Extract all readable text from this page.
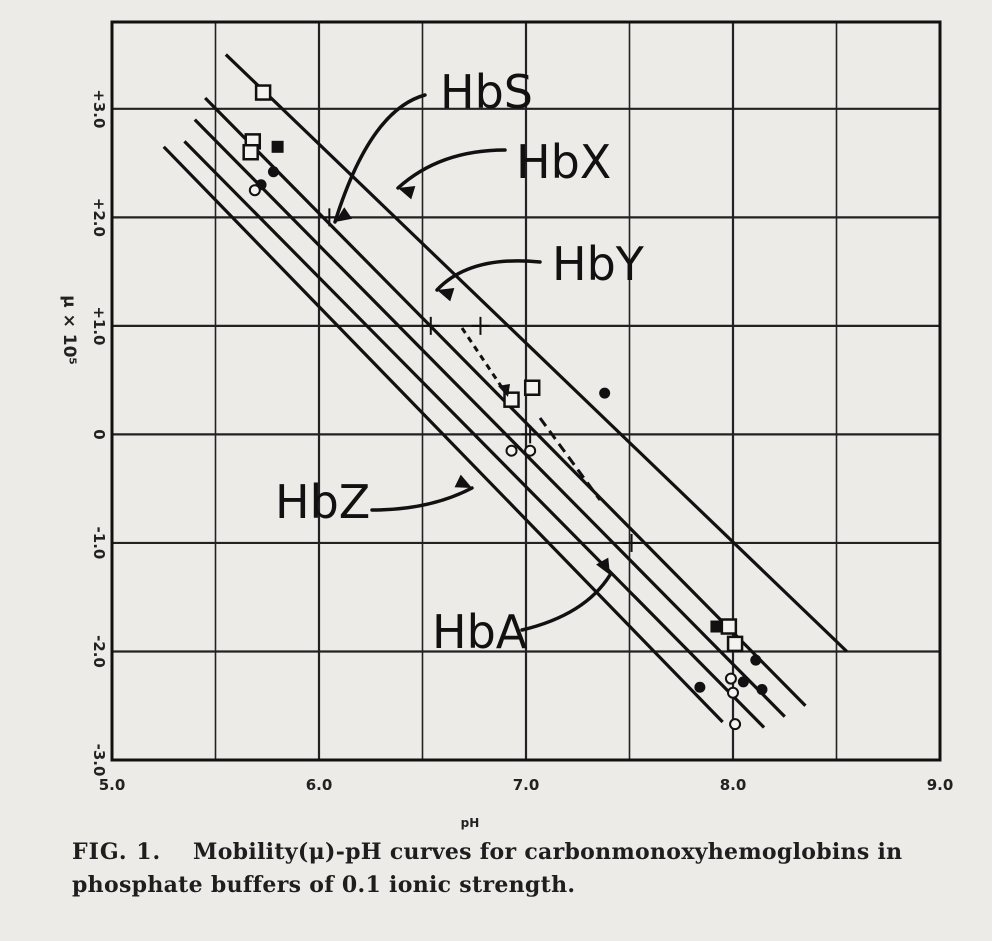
5.0	6.0	7.0	8.0	9.0
-3.0
-2.0
-1.0
0
+1.0
+2.0
+3.0	HbS
HbX
HbY
HbZ
HbA
μ × 10⁵
pH
FIG. 1. Mobility(μ)-pH curves for carbonmonoxyhemoglobins in phosphate buffers of 0.1 ionic strength.
